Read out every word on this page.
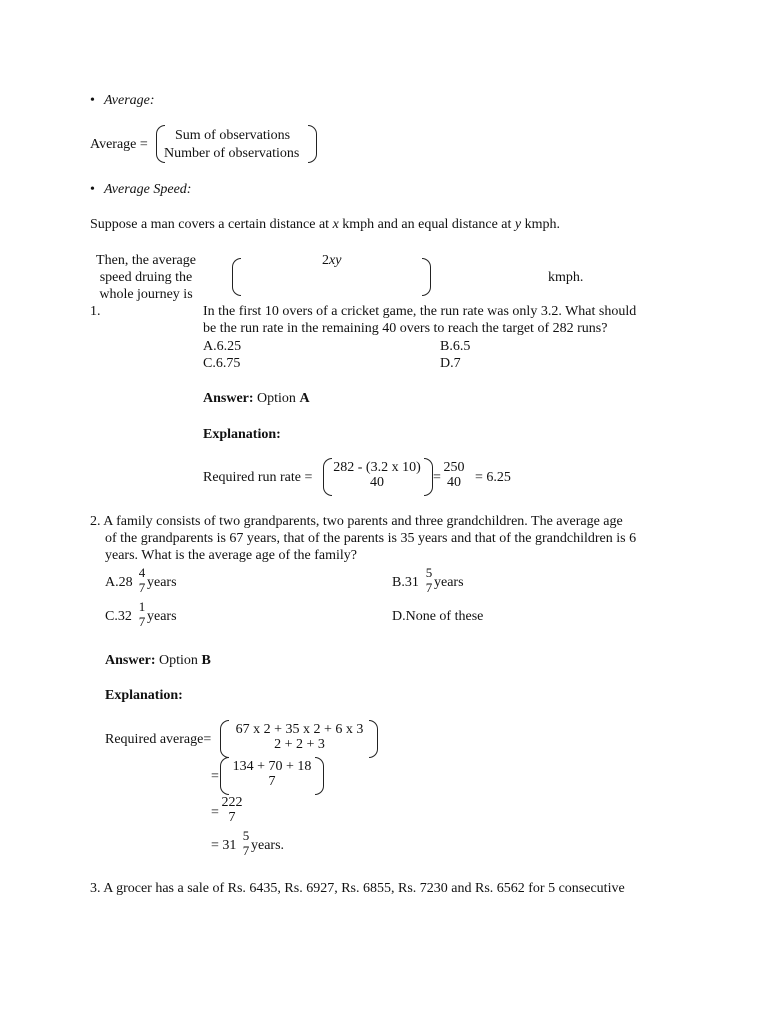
• Average:
Average =
Sum of observations
Number of observations
• Average Speed:
Suppose a man covers a certain distance at x kmph and an equal distance at y kmph.
Then, the average
speed druing the
whole journey is
2xy
kmph.
1.	In the first 10 overs of a cricket game, the run rate was only 3.2. What should
be the run rate in the remaining 40 overs to reach the target of 282 runs?
A.6.25	B.6.5
C.6.75	D.7
Answer: Option A
Explanation:
Required run rate =
282 - (3.2 x 10)
40	=
250
40	= 6.25
2. A family consists of two grandparents, two parents and three grandchildren. The average age
of the grandparents is 67 years, that of the parents is 35 years and that of the grandchildren is 6
years. What is the average age of the family?
A.28
4
7 years	B.31
5
7 years
C.32
1
7 years	D.None of these
Answer: Option B
Explanation:
Required average=
67 x 2 + 35 x 2 + 6 x 3
2 + 2 + 3
=
134 + 70 + 18
7
=
222
7
= 31
5
7 years.
3. A grocer has a sale of Rs. 6435, Rs. 6927, Rs. 6855, Rs. 7230 and Rs. 6562 for 5 consecutive
